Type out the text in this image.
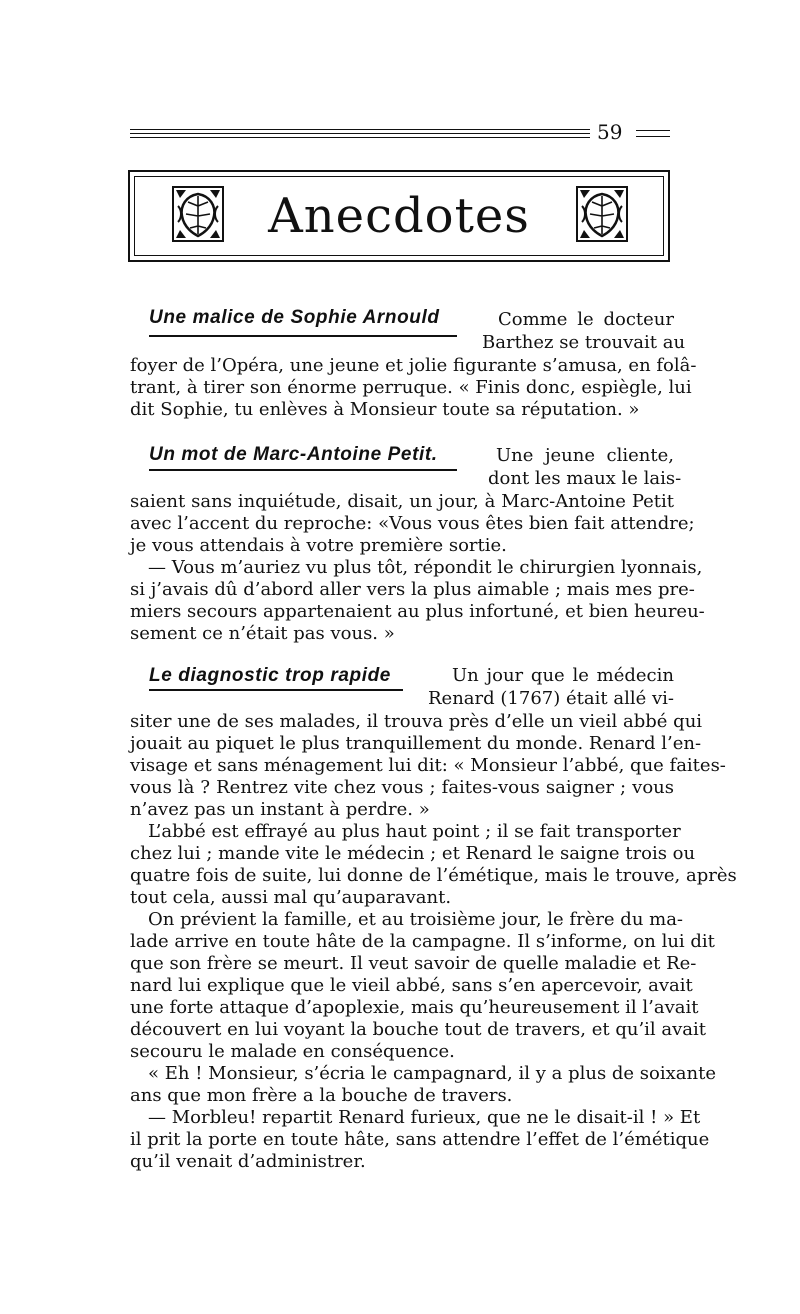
59
Anecdotes
Une malice de Sophie Arnould	Comme le docteur
Barthez se trouvait au
foyer de l’Opéra, une jeune et jolie figurante s’amusa, en folâ-
trant, à tirer son énorme perruque. « Finis donc, espiègle, lui
dit Sophie, tu enlèves à Monsieur toute sa réputation. »
Un mot de Marc-Antoine Petit.	Une jeune cliente,
dont les maux le lais-
saient sans inquiétude, disait, un jour, à Marc-Antoine Petit
avec l’accent du reproche: «Vous vous êtes bien fait attendre;
je vous attendais à votre première sortie.
— Vous m’auriez vu plus tôt, répondit le chirurgien lyonnais,
si j’avais dû d’abord aller vers la plus aimable ; mais mes pre-
miers secours appartenaient au plus infortuné, et bien heureu-
sement ce n’était pas vous. »
Le diagnostic trop rapide	Un jour que le médecin
Renard (1767) était allé vi-
siter une de ses malades, il trouva près d’elle un vieil abbé qui
jouait au piquet le plus tranquillement du monde. Renard l’en-
visage et sans ménagement lui dit: « Monsieur l’abbé, que faites-
vous là ? Rentrez vite chez vous ; faites-vous saigner ; vous
n’avez pas un instant à perdre. »
L’abbé est effrayé au plus haut point ; il se fait transporter
chez lui ; mande vite le médecin ; et Renard le saigne trois ou
quatre fois de suite, lui donne de l’émétique, mais le trouve, après
tout cela, aussi mal qu’auparavant.
On prévient la famille, et au troisième jour, le frère du ma-
lade arrive en toute hâte de la campagne. Il s’informe, on lui dit
que son frère se meurt. Il veut savoir de quelle maladie et Re-
nard lui explique que le vieil abbé, sans s’en apercevoir, avait
une forte attaque d’apoplexie, mais qu’heureusement il l’avait
découvert en lui voyant la bouche tout de travers, et qu’il avait
secouru le malade en conséquence.
« Eh ! Monsieur, s’écria le campagnard, il y a plus de soixante
ans que mon frère a la bouche de travers.
— Morbleu! repartit Renard furieux, que ne le disait-il ! » Et
il prit la porte en toute hâte, sans attendre l’effet de l’émétique
qu’il venait d’administrer.
